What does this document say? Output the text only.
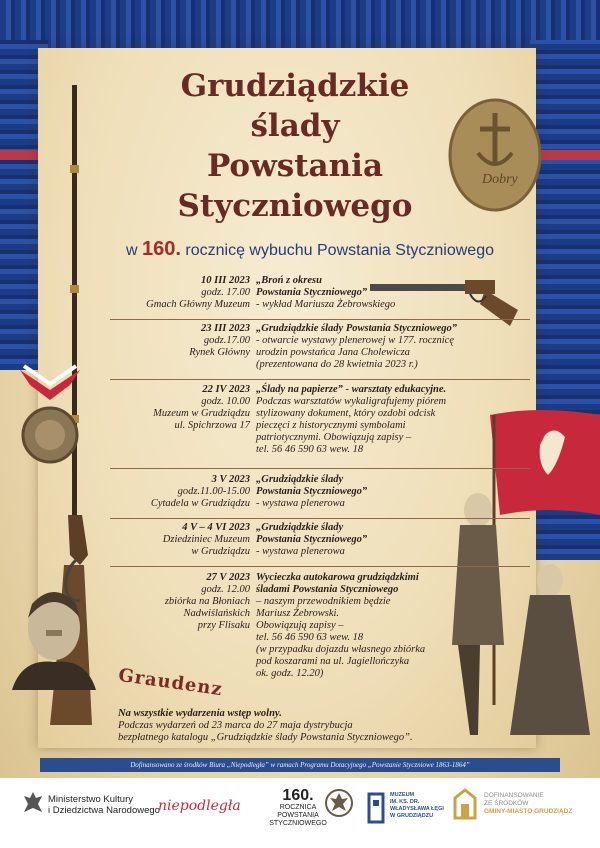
Dobry
Graudenz
Grudziądzkie
ślady
Powstania
Styczniowego
w 160. rocznicę wybuchu Powstania Styczniowego
10 III 2023
godz. 17.00
Gmach Główny Muzeum
„Broń z okresu
Powstania Styczniowego”
- wykład Mariusza Żebrowskiego
23 III 2023
godz.17.00
Rynek Główny
„Grudziądzkie ślady Powstania Styczniowego”
- otwarcie wystawy plenerowej w 177. rocznicę
urodzin powstańca Jana Cholewicza
(prezentowana do 28 kwietnia 2023 r.)
22 IV 2023
godz. 10.00
Muzeum w Grudziądzu
ul. Spichrzowa 17
„Ślady na papierze” - warsztaty edukacyjne.
Podczas warsztatów wykaligrafujemy piórem
stylizowany dokument, który ozdobi odcisk
pieczęci z historycznymi symbolami
patriotycznymi. Obowiązują zapisy –
tel. 56 46 590 63 wew. 18
3 V 2023
godz.11.00-15.00
Cytadela w Grudziądzu
„Grudziądzkie ślady
Powstania Styczniowego”
- wystawa plenerowa
4 V – 4 VI 2023
Dziedziniec Muzeum
w Grudziądzu
„Grudziądzkie ślady
Powstania Styczniowego”
- wystawa plenerowa
27 V 2023
godz. 12.00
zbiórka na Błoniach
Nadwiślańskich
przy Flisaku
Wycieczka autokarowa grudziądzkimi
śladami Powstania Styczniowego
– naszym przewodnikiem będzie
Mariusz Żebrowski.
Obowiązują zapisy –
tel. 56 46 590 63 wew. 18
(w przypadku dojazdu własnego zbiórka
pod koszarami na ul. Jagiellończyka
ok. godz. 12.20)
Na wszystkie wydarzenia wstęp wolny.
Podczas wydarzeń od 23 marca do 27 maja dystrybucja
bezpłatnego katalogu „Grudziądzkie ślady Powstania Styczniowego”.
Dofinansowano ze środków Biura „Niepodległa” w ramach Programu Dotacyjnego „Powstanie Styczniowe 1863-1864”
Ministerstwo Kultury
i Dziedzictwa Narodowego
niepodległa
160.
ROCZNICA
POWSTANIA
STYCZNIOWEGO
MUZEUM
IM. KS. DR.
WŁADYSŁAWA ŁĘGI
W GRUDZIĄDZU
DOFINANSOWANIE
ZE ŚRODKÓW
GMINY-MIASTO GRUDZIĄDZ
